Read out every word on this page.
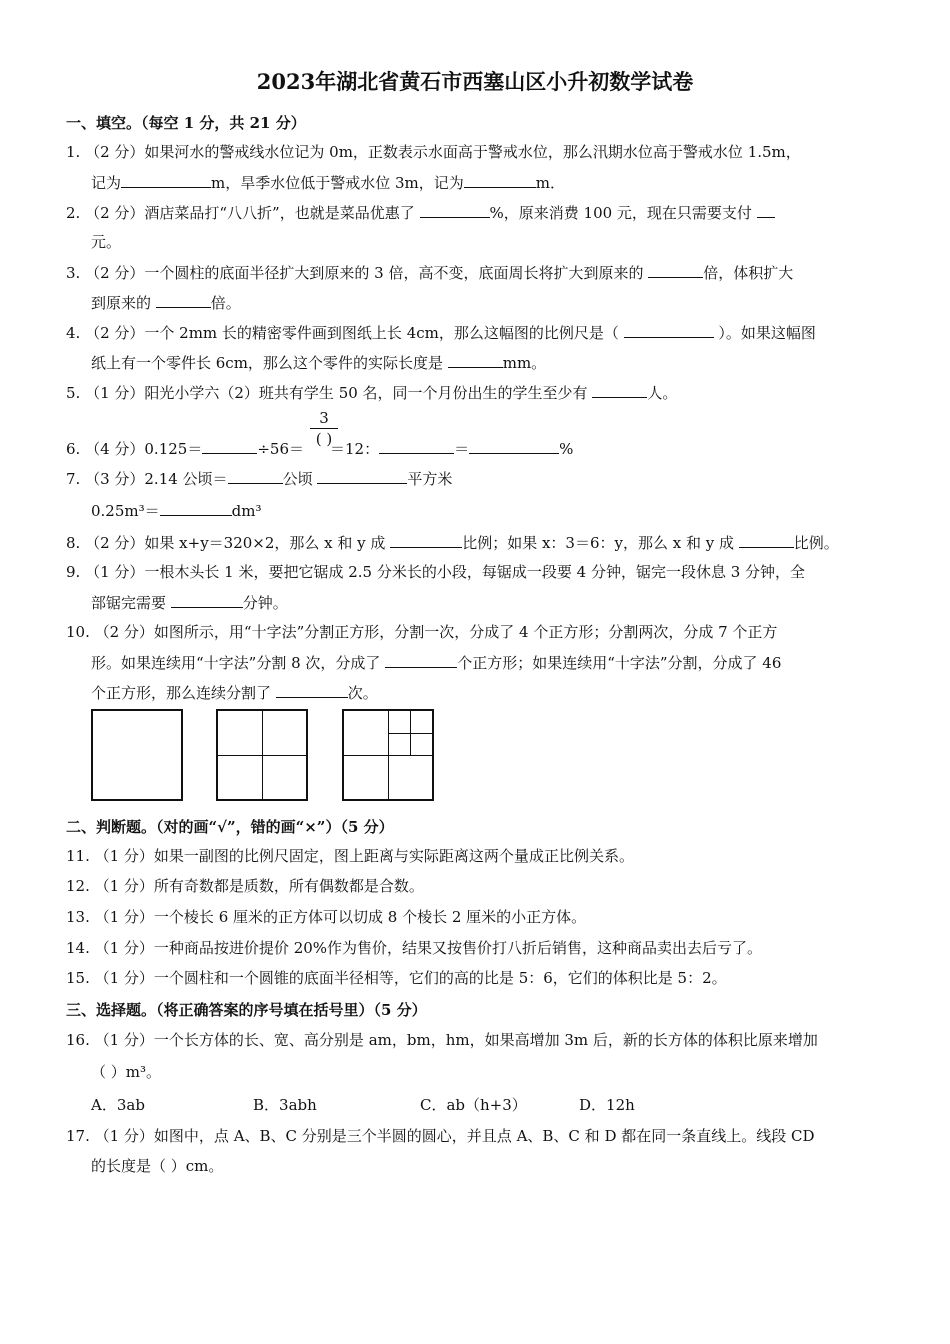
2023年湖北省黄石市西塞山区小升初数学试卷
一、填空。（每空 1 分，共 21 分）
1. （2 分）如果河水的警戒线水位记为 0m，正数表示水面高于警戒水位，那么汛期水位高于警戒水位 1.5m，
记为	m，旱季水位低于警戒水位 3m，记为	m．
2. （2 分）酒店菜品打“八八折”，也就是菜品优惠了	%，原来消费 100 元，现在只需要支付
元。
3. （2 分）一个圆柱的底面半径扩大到原来的 3 倍，高不变，底面周长将扩大到原来的	倍，体积扩大
到原来的	倍。
4. （2 分）一个 2mm 长的精密零件画到图纸上长 4cm，那么这幅图的比例尺是（	）。如果这幅图
纸上有一个零件长 6cm，那么这个零件的实际长度是	mm。
5. （1 分）阳光小学六（2）班共有学生 50 名，同一个月份出生的学生至少有	人。
6. （4 分）0.125＝	÷56＝ ＝12：	＝	%
3
( )
7. （3 分）2.14 公顷＝	公顷	平方米
0.25m³＝	dm³
8. （2 分）如果 x+y＝320×2，那么 x 和 y 成	比例；如果 x：3＝6：y，那么 x 和 y 成	比例。
9. （1 分）一根木头长 1 米，要把它锯成 2.5 分米长的小段，每锯成一段要 4 分钟，锯完一段休息 3 分钟，全
部锯完需要	分钟。
10. （2 分）如图所示，用“十字法”分割正方形，分割一次，分成了 4 个正方形；分割两次，分成 7 个正方
形。如果连续用“十字法”分割 8 次，分成了	个正方形；如果连续用“十字法”分割，分成了 46
个正方形，那么连续分割了	次。
二、判断题。（对的画“√”，错的画“×”）（5 分）
11. （1 分）如果一副图的比例尺固定，图上距离与实际距离这两个量成正比例关系。
12. （1 分）所有奇数都是质数，所有偶数都是合数。
13. （1 分）一个棱长 6 厘米的正方体可以切成 8 个棱长 2 厘米的小正方体。
14. （1 分）一种商品按进价提价 20%作为售价，结果又按售价打八折后销售，这种商品卖出去后亏了。
15. （1 分）一个圆柱和一个圆锥的底面半径相等，它们的高的比是 5：6，它们的体积比是 5：2。
三、选择题。（将正确答案的序号填在括号里）（5 分）
16. （1 分）一个长方体的长、宽、高分别是 am，bm，hm，如果高增加 3m 后，新的长方体的体积比原来增加
（ ）m³。
A．3ab	B．3abh	C．ab（h+3）	D．12h
17. （1 分）如图中，点 A、B、C 分别是三个半圆的圆心，并且点 A、B、C 和 D 都在同一条直线上。线段 CD
的长度是（ ）cm。
